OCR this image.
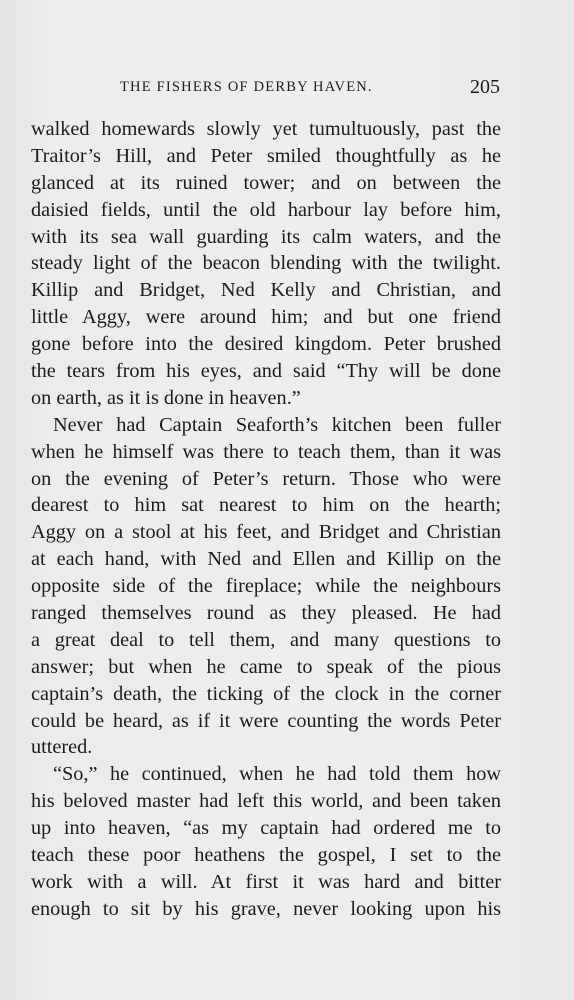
THE FISHERS OF DERBY HAVEN.	205
walked homewards slowly yet tumultuously, past the
Traitor’s Hill, and Peter smiled thoughtfully as he
glanced at its ruined tower; and on between the
daisied fields, until the old harbour lay before him,
with its sea wall guarding its calm waters, and the
steady light of the beacon blending with the twilight.
Killip and Bridget, Ned Kelly and Christian, and
little Aggy, were around him; and but one friend
gone before into the desired kingdom. Peter brushed
the tears from his eyes, and said “Thy will be done
on earth, as it is done in heaven.”
Never had Captain Seaforth’s kitchen been fuller
when he himself was there to teach them, than it was
on the evening of Peter’s return. Those who were
dearest to him sat nearest to him on the hearth;
Aggy on a stool at his feet, and Bridget and Christian
at each hand, with Ned and Ellen and Killip on the
opposite side of the fireplace; while the neighbours
ranged themselves round as they pleased. He had
a great deal to tell them, and many questions to
answer; but when he came to speak of the pious
captain’s death, the ticking of the clock in the corner
could be heard, as if it were counting the words Peter
uttered.
“So,” he continued, when he had told them how
his beloved master had left this world, and been taken
up into heaven, “as my captain had ordered me to
teach these poor heathens the gospel, I set to the
work with a will. At first it was hard and bitter
enough to sit by his grave, never looking upon his
